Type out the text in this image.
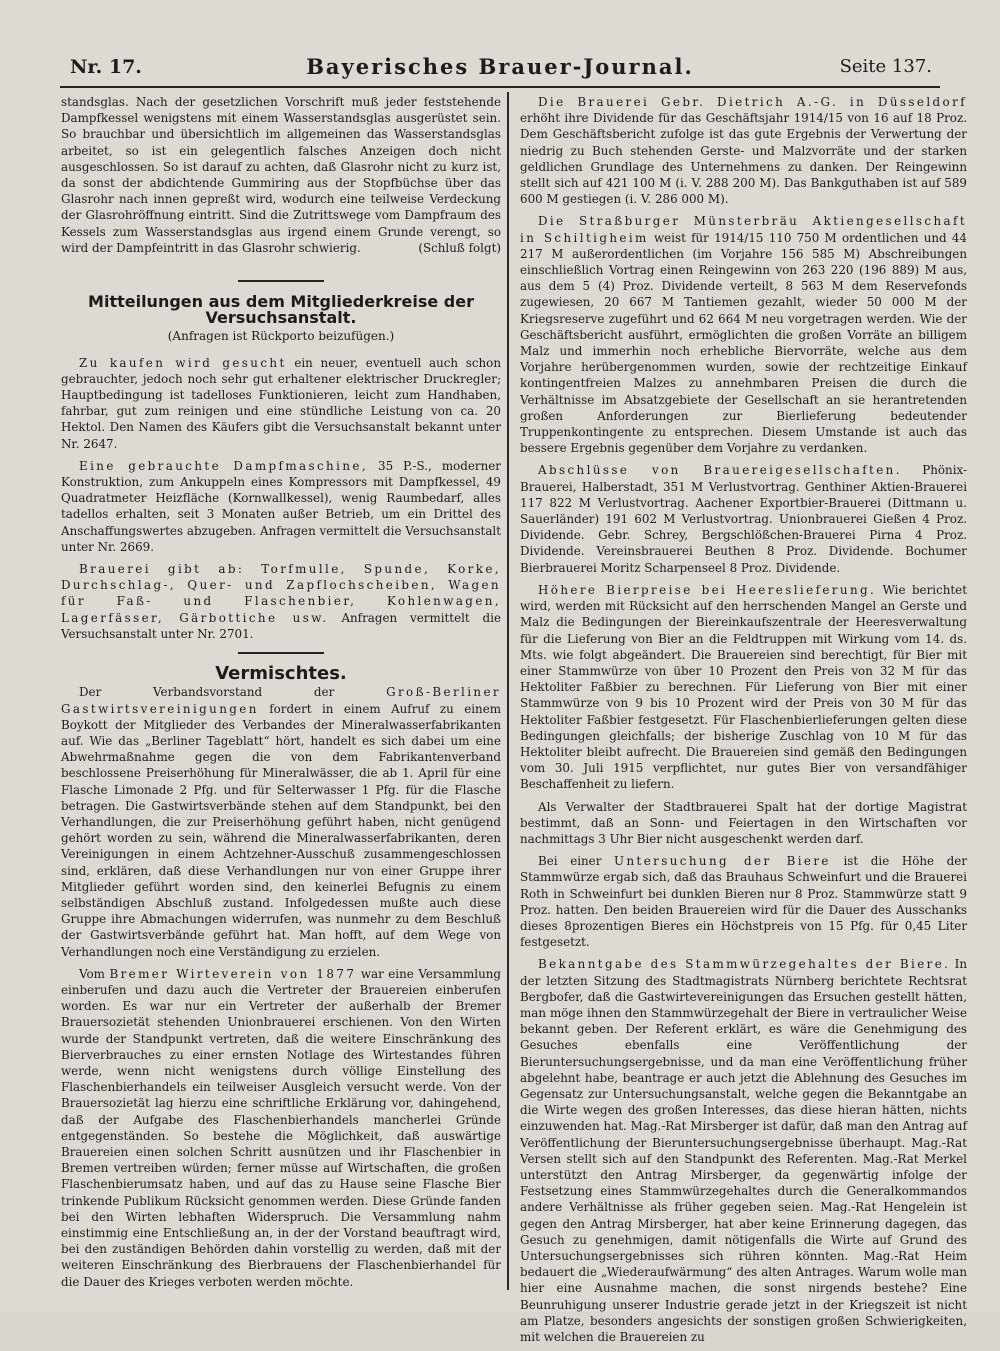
Nr. 17.	Bayerisches Brauer-Journal.	Seite 137.

standsglas. Nach der gesetzlichen Vorschrift muß jeder feststehende Dampfkessel wenigstens mit einem Wasserstandsglas ausgerüstet sein. So brauchbar und übersichtlich im allgemeinen das Wasserstandsglas arbeitet, so ist ein gelegentlich falsches Anzeigen doch nicht ausgeschlossen. So ist darauf zu achten, daß Glasrohr nicht zu kurz ist, da sonst der abdichtende Gummiring aus der Stopfbüchse über das Glasrohr nach innen gepreßt wird, wodurch eine teilweise Verdeckung der Glasrohröffnung eintritt. Sind die Zutrittswege vom Dampfraum des Kessels zum Wasserstandsglas aus irgend einem Grunde verengt, so wird der Dampfeintritt in das Glasrohr schwierig.	(Schluß folgt)

Mitteilungen aus dem Mitgliederkreise der Versuchsanstalt.
(Anfragen ist Rückporto beizufügen.)

Zu kaufen wird gesucht ein neuer, eventuell auch schon gebrauchter, jedoch noch sehr gut erhaltener elektrischer Druckregler; Hauptbedingung ist tadelloses Funktionieren, leicht zum Handhaben, fahrbar, gut zum reinigen und eine stündliche Leistung von ca. 20 Hektol. Den Namen des Käufers gibt die Versuchsanstalt bekannt unter Nr. 2647.

Eine gebrauchte Dampfmaschine, 35 P.-S., moderner Konstruktion, zum Ankuppeln eines Kompressors mit Dampfkessel, 49 Quadratmeter Heizfläche (Kornwallkessel), wenig Raumbedarf, alles tadellos erhalten, seit 3 Monaten außer Betrieb, um ein Drittel des Anschaffungswertes abzugeben. Anfragen vermittelt die Versuchsanstalt unter Nr. 2669.

Brauerei gibt ab: Torfmulle, Spunde, Korke, Durchschlag-, Quer- und Zapflochscheiben, Wagen für Faß- und Flaschenbier, Kohlenwagen, Lagerfässer, Gärbottiche usw. Anfragen vermittelt die Versuchsanstalt unter Nr. 2701.

Vermischtes.

Der Verbandsvorstand der	Groß-Berliner Gastwirtsvereinigungen fordert in einem Aufruf zu einem Boykott der Mitglieder des Verbandes der Mineralwasserfabrikanten auf. Wie das „Berliner Tageblatt“ hört, handelt es sich dabei um eine Abwehrmaßnahme gegen die von dem Fabrikantenverband beschlossene Preiserhöhung für Mineralwässer, die ab 1. April für eine Flasche Limonade 2 Pfg. und für Selterwasser 1 Pfg. für die Flasche betragen. Die Gastwirtsverbände stehen auf dem Standpunkt, bei den Verhandlungen, die zur Preiserhöhung geführt haben, nicht genügend gehört worden zu sein, während die Mineralwasserfabrikanten, deren Vereinigungen in einem Achtzehner-Ausschuß zusammengeschlossen sind, erklären, daß diese Verhandlungen nur von einer Gruppe ihrer Mitglieder geführt worden sind, den keinerlei Befugnis zu einem selbständigen Abschluß zustand. Infolgedessen mußte auch diese Gruppe ihre Abmachungen widerrufen, was nunmehr zu dem Beschluß der Gastwirtsverbände geführt hat. Man hofft, auf dem Wege von Verhandlungen noch eine Verständigung zu erzielen.

Vom Bremer Wirteverein von 1877 war eine Versammlung einberufen und dazu auch die Vertreter der Brauereien einberufen worden. Es war nur ein Vertreter der außerhalb der Bremer Brauersozietät stehenden Unionbrauerei erschienen. Von den Wirten wurde der Standpunkt vertreten, daß die weitere Einschränkung des Bierverbrauches zu einer ernsten Notlage des Wirtestandes führen werde, wenn nicht wenigstens durch völlige Einstellung des Flaschenbierhandels ein teilweiser Ausgleich versucht werde. Von der Brauersozietät lag hierzu eine schriftliche Erklärung vor, dahingehend, daß der Aufgabe des Flaschenbierhandels mancherlei Gründe entgegenständen. So bestehe die Möglichkeit, daß auswärtige Brauereien einen solchen Schritt ausnützen und ihr Flaschenbier in Bremen vertreiben würden; ferner müsse auf Wirtschaften, die großen Flaschenbierumsatz haben, und auf das zu Hause seine Flasche Bier trinkende Publikum Rücksicht genommen werden. Diese Gründe fanden bei den Wirten lebhaften Widerspruch. Die Versammlung nahm einstimmig eine Entschließung an, in der der Vorstand beauftragt wird, bei den zuständigen Behörden dahin vorstellig zu werden, daß mit der weiteren Einschränkung des Bierbrauens der Flaschenbierhandel für die Dauer des Krieges verboten werden möchte.

Die Brauerei Gebr. Dietrich A.-G. in Düsseldorf erhöht ihre Dividende für das Geschäftsjahr 1914/15 von 16 auf 18 Proz. Dem Geschäftsbericht zufolge ist das gute Ergebnis der Verwertung der niedrig zu Buch stehenden Gerste- und Malzvorräte und der starken geldlichen Grundlage des Unternehmens zu danken. Der Reingewinn stellt sich auf 421 100 M (i. V. 288 200 M). Das Bankguthaben ist auf 589 600 M gestiegen (i. V. 286 000 M).

Die Straßburger Münsterbräu Aktiengesellschaft in Schiltigheim weist für 1914/15 110 750 M ordentlichen und 44 217 M außerordentlichen (im Vorjahre 156 585 M) Abschreibungen einschließlich Vortrag einen Reingewinn von 263 220 (196 889) M aus, aus dem 5 (4) Proz. Dividende verteilt, 8 563 M dem Reservefonds zugewiesen, 20 667 M Tantiemen gezahlt, wieder 50 000 M der Kriegsreserve zugeführt und 62 664 M neu vorgetragen werden. Wie der Geschäftsbericht ausführt, ermöglichten die großen Vorräte an billigem Malz und immerhin noch erhebliche Biervorräte, welche aus dem Vorjahre herübergenommen wurden, sowie der rechtzeitige Einkauf kontingentfreien Malzes zu annehmbaren Preisen die durch die Verhältnisse im Absatzgebiete der Gesellschaft an sie herantretenden großen Anforderungen zur Bierlieferung bedeutender Truppenkontingente zu entsprechen. Diesem Umstande ist auch das bessere Ergebnis gegenüber dem Vorjahre zu verdanken.

Abschlüsse von Brauereigesellschaften. Phönix-Brauerei, Halberstadt, 351 M Verlustvortrag. Genthiner Aktien-Brauerei 117 822 M Verlustvortrag. Aachener Exportbier-Brauerei (Dittmann u. Sauerländer) 191 602 M Verlustvortrag. Unionbrauerei Gießen 4 Proz. Dividende. Gebr. Schrey, Bergschlößchen-Brauerei Pirna 4 Proz. Dividende. Vereinsbrauerei Beuthen 8 Proz. Dividende. Bochumer Bierbrauerei Moritz Scharpenseel 8 Proz. Dividende.

Höhere Bierpreise bei Heereslieferung. Wie berichtet wird, werden mit Rücksicht auf den herrschenden Mangel an Gerste und Malz die Bedingungen der Biereinkaufszentrale der Heeresverwaltung für die Lieferung von Bier an die Feldtruppen mit Wirkung vom 14. ds. Mts. wie folgt abgeändert. Die Brauereien sind berechtigt, für Bier mit einer Stammwürze von über 10 Prozent den Preis von 32 M für das Hektoliter Faßbier zu berechnen. Für Lieferung von Bier mit einer Stammwürze von 9 bis 10 Prozent wird der Preis von 30 M für das Hektoliter Faßbier festgesetzt. Für Flaschenbierlieferungen gelten diese Bedingungen gleichfalls; der bisherige Zuschlag von 10 M für das Hektoliter bleibt aufrecht. Die Brauereien sind gemäß den Bedingungen vom 30. Juli 1915 verpflichtet, nur gutes Bier von versandfähiger Beschaffenheit zu liefern.

Als Verwalter der Stadtbrauerei Spalt hat der dortige Magistrat bestimmt, daß an Sonn- und Feiertagen in den Wirtschaften vor nachmittags 3 Uhr Bier nicht ausgeschenkt werden darf.

Bei einer Untersuchung der Biere ist die Höhe der Stammwürze ergab sich, daß das Brauhaus Schweinfurt und die Brauerei Roth in Schweinfurt bei dunklen Bieren nur 8 Proz. Stammwürze statt 9 Proz. hatten. Den beiden Brauereien wird für die Dauer des Ausschanks dieses 8prozentigen Bieres ein Höchstpreis von 15 Pfg. für 0,45 Liter festgesetzt.

Bekanntgabe des Stammwürzegehaltes der Biere. In der letzten Sitzung des Stadtmagistrats Nürnberg berichtete Rechtsrat Bergbofer, daß die Gastwirtevereinigungen das Ersuchen gestellt hätten, man möge ihnen den Stammwürzegehalt der Biere in vertraulicher Weise bekannt geben. Der Referent erklärt, es wäre die Genehmigung des Gesuches ebenfalls eine Veröffentlichung der Bieruntersuchungsergebnisse, und da man eine Veröffentlichung früher abgelehnt habe, beantrage er auch jetzt die Ablehnung des Gesuches im Gegensatz zur Untersuchungsanstalt, welche gegen die Bekanntgabe an die Wirte wegen des großen Interesses, das diese hieran hätten, nichts einzuwenden hat. Mag.-Rat Mirsberger ist dafür, daß man den Antrag auf Veröffentlichung der Bieruntersuchungsergebnisse überhaupt. Mag.-Rat Versen stellt sich auf den Standpunkt des Referenten. Mag.-Rat Merkel unterstützt den Antrag Mirsberger, da gegenwärtig infolge der Festsetzung eines Stammwürzegehaltes durch die Generalkommandos andere Verhältnisse als früher gegeben seien. Mag.-Rat Hengelein ist gegen den Antrag Mirsberger, hat aber keine Erinnerung dagegen, das Gesuch zu genehmigen, damit nötigenfalls die Wirte auf Grund des Untersuchungsergebnisses sich rühren könnten. Mag.-Rat Heim bedauert die „Wiederaufwärmung“ des alten Antrages. Warum wolle man hier eine Ausnahme machen, die sonst nirgends bestehe? Eine Beunruhigung unserer Industrie gerade jetzt in der Kriegszeit ist nicht am Platze, besonders angesichts der sonstigen großen Schwierigkeiten, mit welchen die Brauereien zu
